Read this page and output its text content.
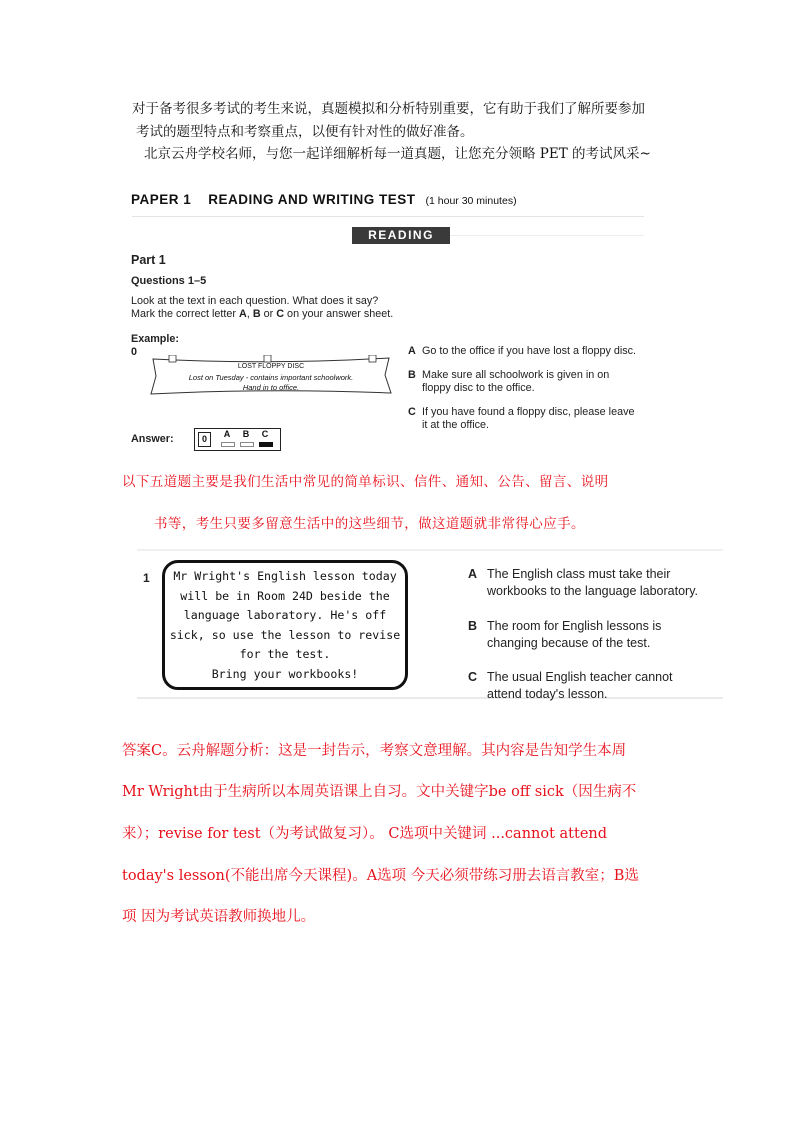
对于备考很多考试的考生来说，真题模拟和分析特别重要，它有助于我们了解所要参加
考试的题型特点和考察重点，以便有针对性的做好准备。
北京云舟学校名师，与您一起详细解析每一道真题，让您充分领略 PET 的考试风采~
PAPER 1    READING AND WRITING TEST (1 hour 30 minutes)
READING
Part 1
Questions 1–5
Look at the text in each question. What does it say?
Mark the correct letter A, B or C on your answer sheet.
Example:
0
LOST FLOPPY DISC
Lost on Tuesday - contains important schoolwork.
Hand in to office.
A Go to the office if you have lost a floppy disc.
B Make sure all schoolwork is given in on
floppy disc to the office.
C If you have found a floppy disc, please leave
it at the office.
Answer:	0	A	B	C
以下五道题主要是我们生活中常见的简单标识、信件、通知、公告、留言、说明
书等，考生只要多留意生活中的这些细节，做这道题就非常得心应手。
1	Mr Wright's English lesson today
will be in Room 24D beside the
language laboratory. He's off
sick, so use the lesson to revise
for the test.
Bring your workbooks!
A The English class must take their
workbooks to the language laboratory.
B The room for English lessons is
changing because of the test.
C The usual English teacher cannot
attend today's lesson.
答案C。云舟解题分析：这是一封告示，考察文意理解。其内容是告知学生本周
Mr Wright由于生病所以本周英语课上自习。文中关键字be off sick（因生病不
来）；revise for test（为考试做复习）。 C选项中关键词 ...cannot attend
today's lesson(不能出席今天课程)。A选项 今天必须带练习册去语言教室；B选
项 因为考试英语教师换地儿。
